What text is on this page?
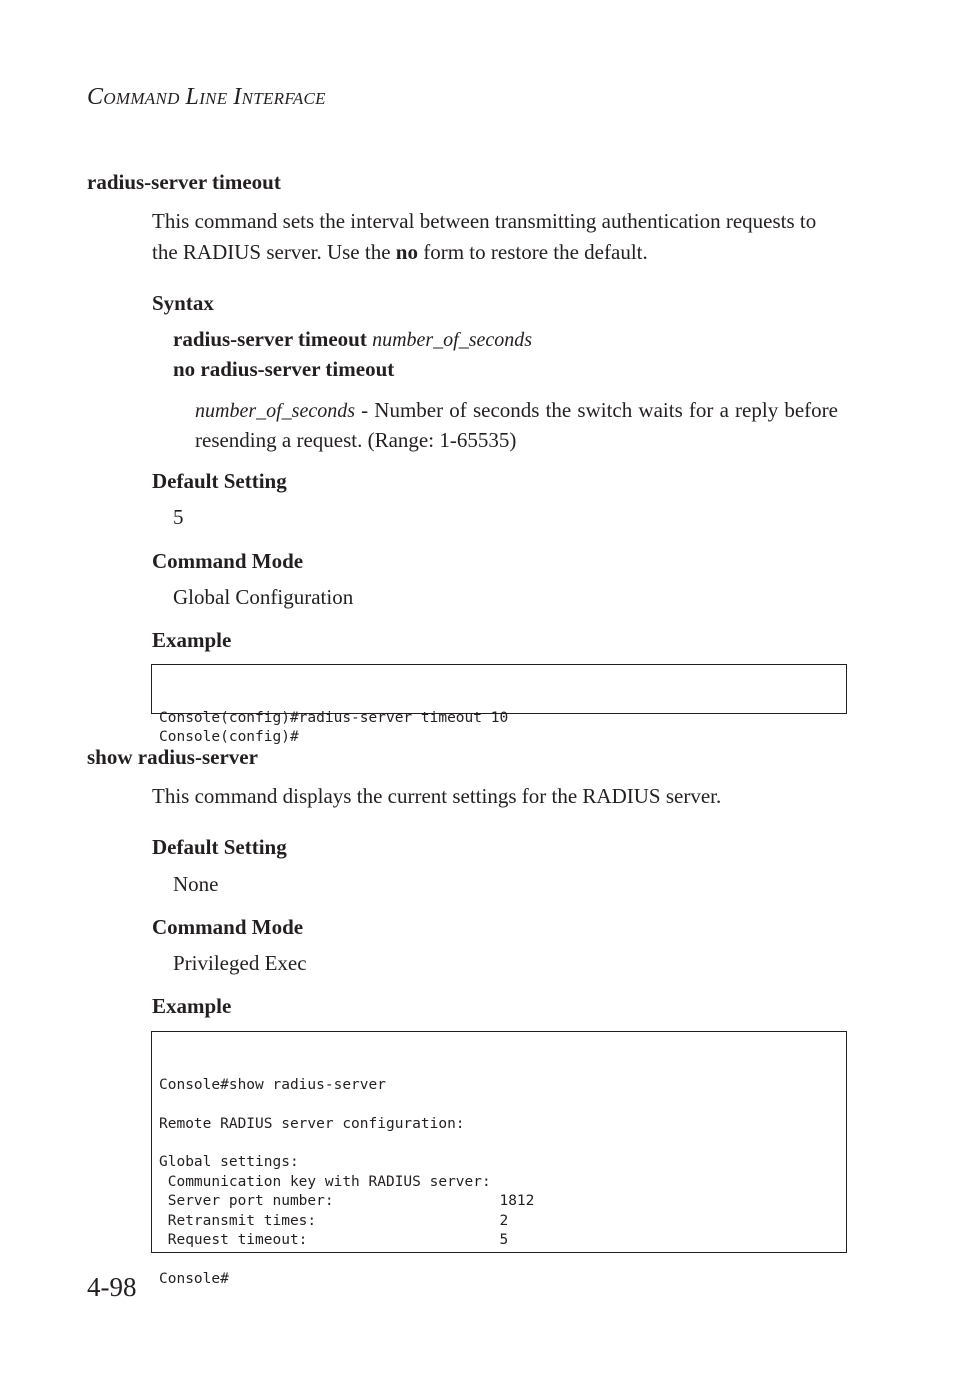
COMMAND LINE INTERFACE
radius-server timeout
This command sets the interval between transmitting authentication requests to the RADIUS server. Use the no form to restore the default.
Syntax
radius-server timeout number_of_seconds
no radius-server timeout
number_of_seconds - Number of seconds the switch waits for a reply before resending a request. (Range: 1-65535)
Default Setting
5
Command Mode
Global Configuration
Example

Console(config)#radius-server timeout 10
Console(config)#

show radius-server
This command displays the current settings for the RADIUS server.
Default Setting
None
Command Mode
Privileged Exec
Example

Console#show radius-server
Remote RADIUS server configuration:
Global settings:
Communication key with RADIUS server:
Server port number:                   1812
Retransmit times:                     2
Request timeout:                      5
Console#

4-98
